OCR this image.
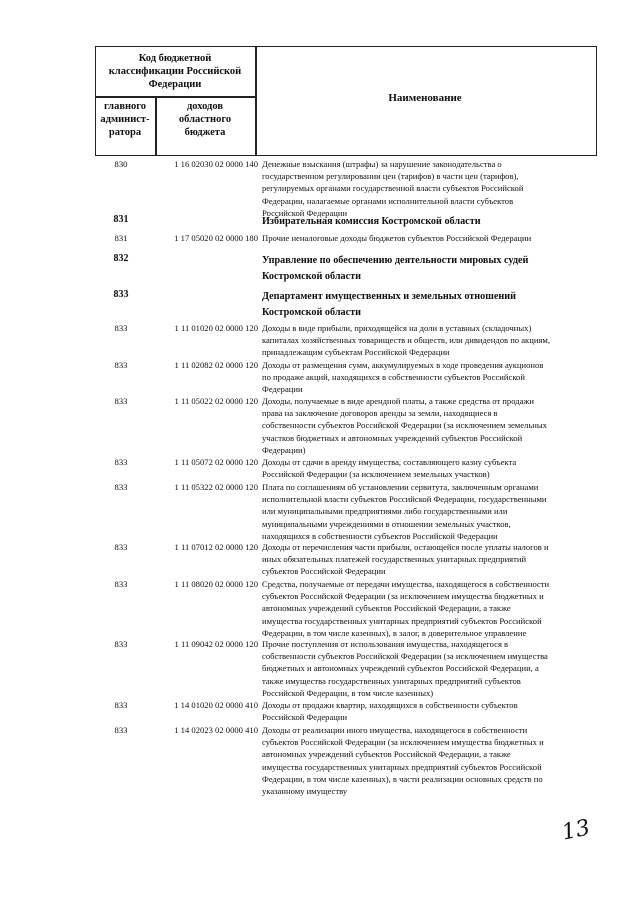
Код бюджетной классификации Российской Федерации
главного админист- ратора
доходов областного бюджета
Наименование
830	1 16 02030 02 0000 140 Денежные взыскания (штрафы) за нарушение законодательства о
государственном регулировании цен (тарифов) в части цен (тарифов),
регулируемых органами государственной власти субъектов Российской
Федерации, налагаемые органами исполнительной власти субъектов
Российской Федерации
831	Избирательная комиссия Костромской области
831	1 17 05020 02 0000 180 Прочие неналоговые доходы бюджетов субъектов Российской Федерации
832	Управление по обеспечению деятельности мировых судей
Костромской области
833	Департамент имущественных и земельных отношений
Костромской области
833	1 11 01020 02 0000 120 Доходы в виде прибыли, приходящейся на доли в уставных (складочных)
капиталах хозяйственных товариществ и обществ, или дивидендов по акциям,
принадлежащим субъектам Российской Федерации
833	1 11 02082 02 0000 120 Доходы от размещения сумм, аккумулируемых в ходе проведения аукционов
по продаже акций, находящихся в собственности субъектов Российской
Федерации
833	1 11 05022 02 0000 120 Доходы, получаемые в виде арендной платы, а также средства от продажи
права на заключение договоров аренды за земли, находящиеся в
собственности субъектов Российской Федерации (за исключением земельных
участков бюджетных и автономных учреждений субъектов Российской
Федерации)
833	1 11 05072 02 0000 120 Доходы от сдачи в аренду имущества, составляющего казну субъекта
Российской Федерации (за исключением земельных участков)
833	1 11 05322 02 0000 120 Плата по соглашениям об установлении сервитута, заключенным органами
исполнительной власти субъектов Российской Федерации, государственными
или муниципальными предприятиями либо государственными или
муниципальными учреждениями в отношении земельных участков,
находящихся в собственности субъектов Российской Федерации
833	1 11 07012 02 0000 120 Доходы от перечисления части прибыли, остающейся после уплаты налогов и
иных обязательных платежей государственных унитарных предприятий
субъектов Российской Федерации
833	1 11 08020 02 0000 120 Средства, получаемые от передачи имущества, находящегося в собственности
субъектов Российской Федерации (за исключением имущества бюджетных и
автономных учреждений субъектов Российской Федерации, а также
имущества государственных унитарных предприятий субъектов Российской
Федерации, в том числе казенных), в залог, в доверительное управление
833	1 11 09042 02 0000 120 Прочие поступления от использования имущества, находящегося в
собственности субъектов Российской Федерации (за исключением имущества
бюджетных и автономных учреждений субъектов Российской Федерации, а
также имущества государственных унитарных предприятий субъектов
Российской Федерации, в том числе казенных)
833	1 14 01020 02 0000 410 Доходы от продажи квартир, находящихся в собственности субъектов
Российской Федерации
833	1 14 02023 02 0000 410 Доходы от реализации иного имущества, находящегося в собственности
субъектов Российской Федерации (за исключением имущества бюджетных и
автономных учреждений субъектов Российской Федерации, а также
имущества государственных унитарных предприятий субъектов Российской
Федерации, в том числе казенных), в части реализации основных средств по
указанному имуществу
13
